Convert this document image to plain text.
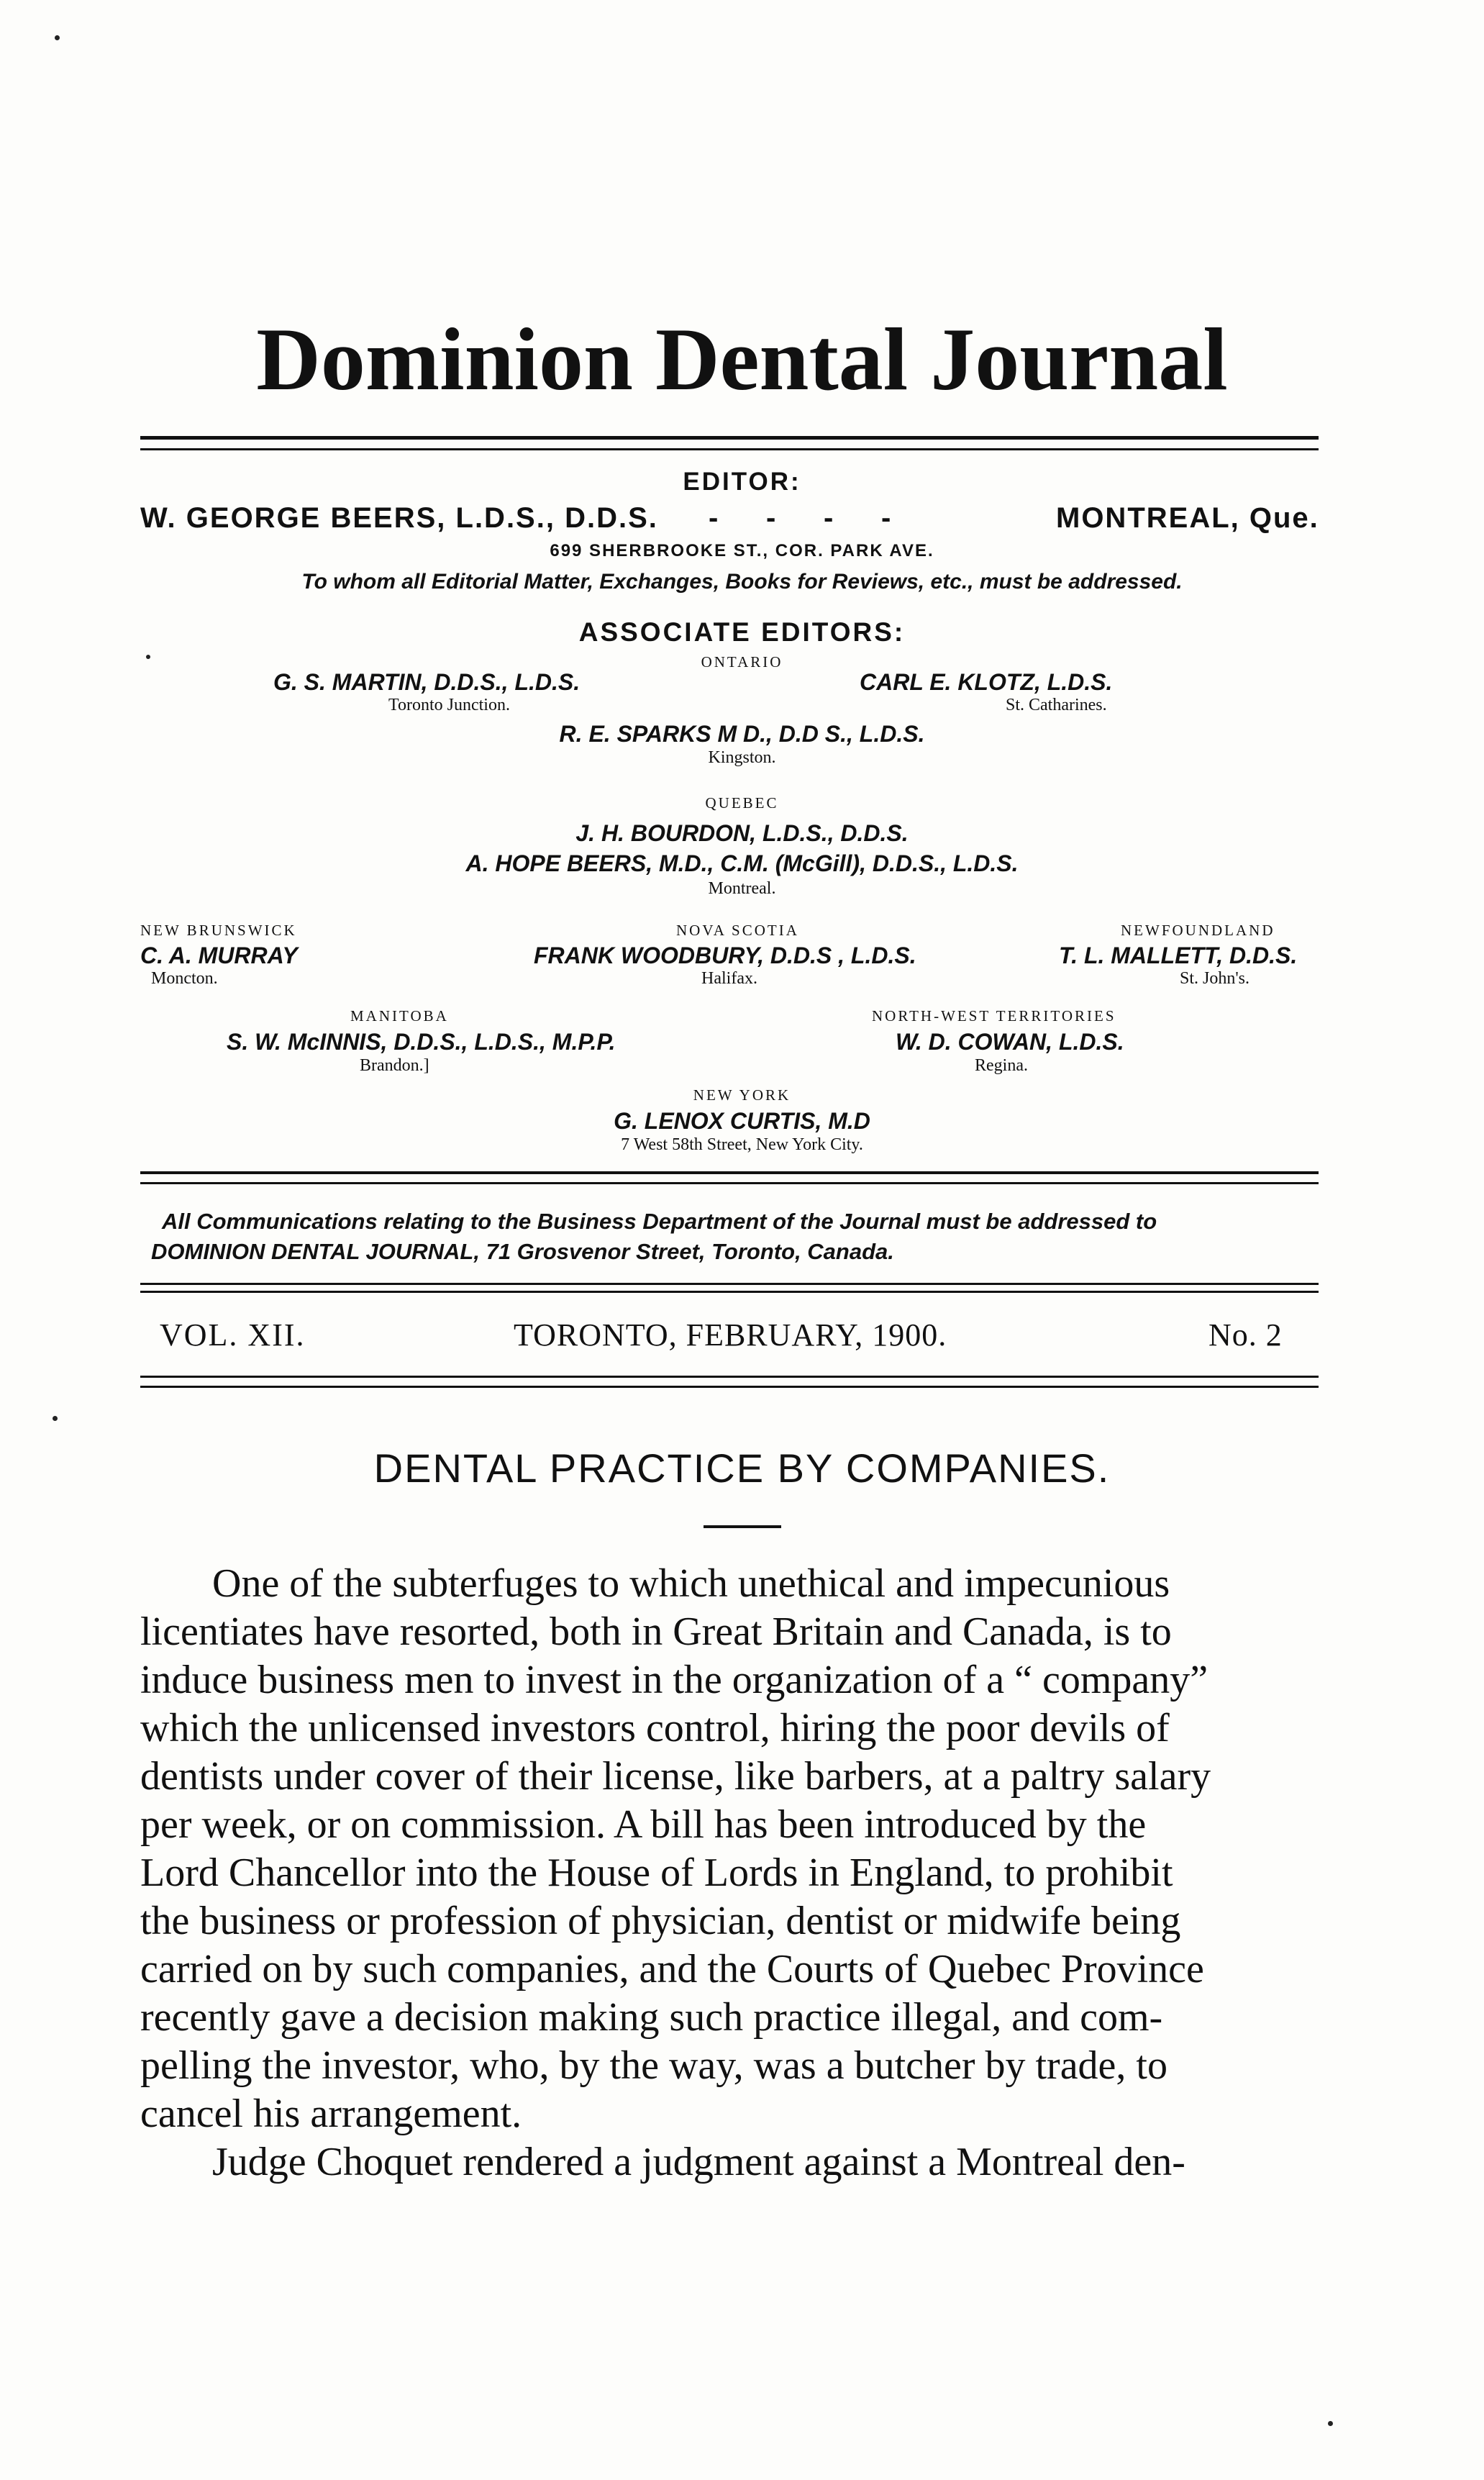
Dominion Dental Journal
EDITOR:
W. GEORGE BEERS, L.D.S., D.D.S. -      -      -      -	MONTREAL, Que.
699 SHERBROOKE ST., COR. PARK AVE.
To whom all Editorial Matter, Exchanges, Books for Reviews, etc., must be addressed.
ASSOCIATE EDITORS:
ONTARIO
G. S. MARTIN, D.D.S., L.D.S.
Toronto Junction.
CARL E. KLOTZ, L.D.S.
St. Catharines.
R. E. SPARKS M D., D.D S., L.D.S.
Kingston.
QUEBEC
J. H. BOURDON, L.D.S., D.D.S.
A. HOPE BEERS, M.D., C.M. (McGill), D.D.S., L.D.S.
Montreal.
NEW BRUNSWICK
C. A. MURRAY
Moncton.
NOVA SCOTIA
FRANK WOODBURY, D.D.S , L.D.S.
Halifax.
NEWFOUNDLAND
T. L. MALLETT, D.D.S.
St. John's.
MANITOBA
S. W. McINNIS, D.D.S., L.D.S., M.P.P.
Brandon.]
NORTH-WEST TERRITORIES
W. D. COWAN, L.D.S.
Regina.
NEW YORK
G. LENOX CURTIS, M.D
7 West 58th Street, New York City.
All Communications relating to the Business Department of the Journal must be addressed to
DOMINION DENTAL JOURNAL, 71 Grosvenor Street, Toronto, Canada.
VOL. XII.	TORONTO, FEBRUARY, 1900.	No. 2
DENTAL PRACTICE BY COMPANIES.
One of the subterfuges to which unethical and impecunious
licentiates have resorted, both in Great Britain and Canada, is to
induce business men to invest in the organization of a “ company”
which the unlicensed investors control, hiring the poor devils of
dentists under cover of their license, like barbers, at a paltry salary
per week, or on commission. A bill has been introduced by the
Lord Chancellor into the House of Lords in England, to prohibit
the business or profession of physician, dentist or midwife being
carried on by such companies, and the Courts of Quebec Province
recently gave a decision making such practice illegal, and com-
pelling the investor, who, by the way, was a butcher by trade, to
cancel his arrangement.
Judge Choquet rendered a judgment against a Montreal den-
